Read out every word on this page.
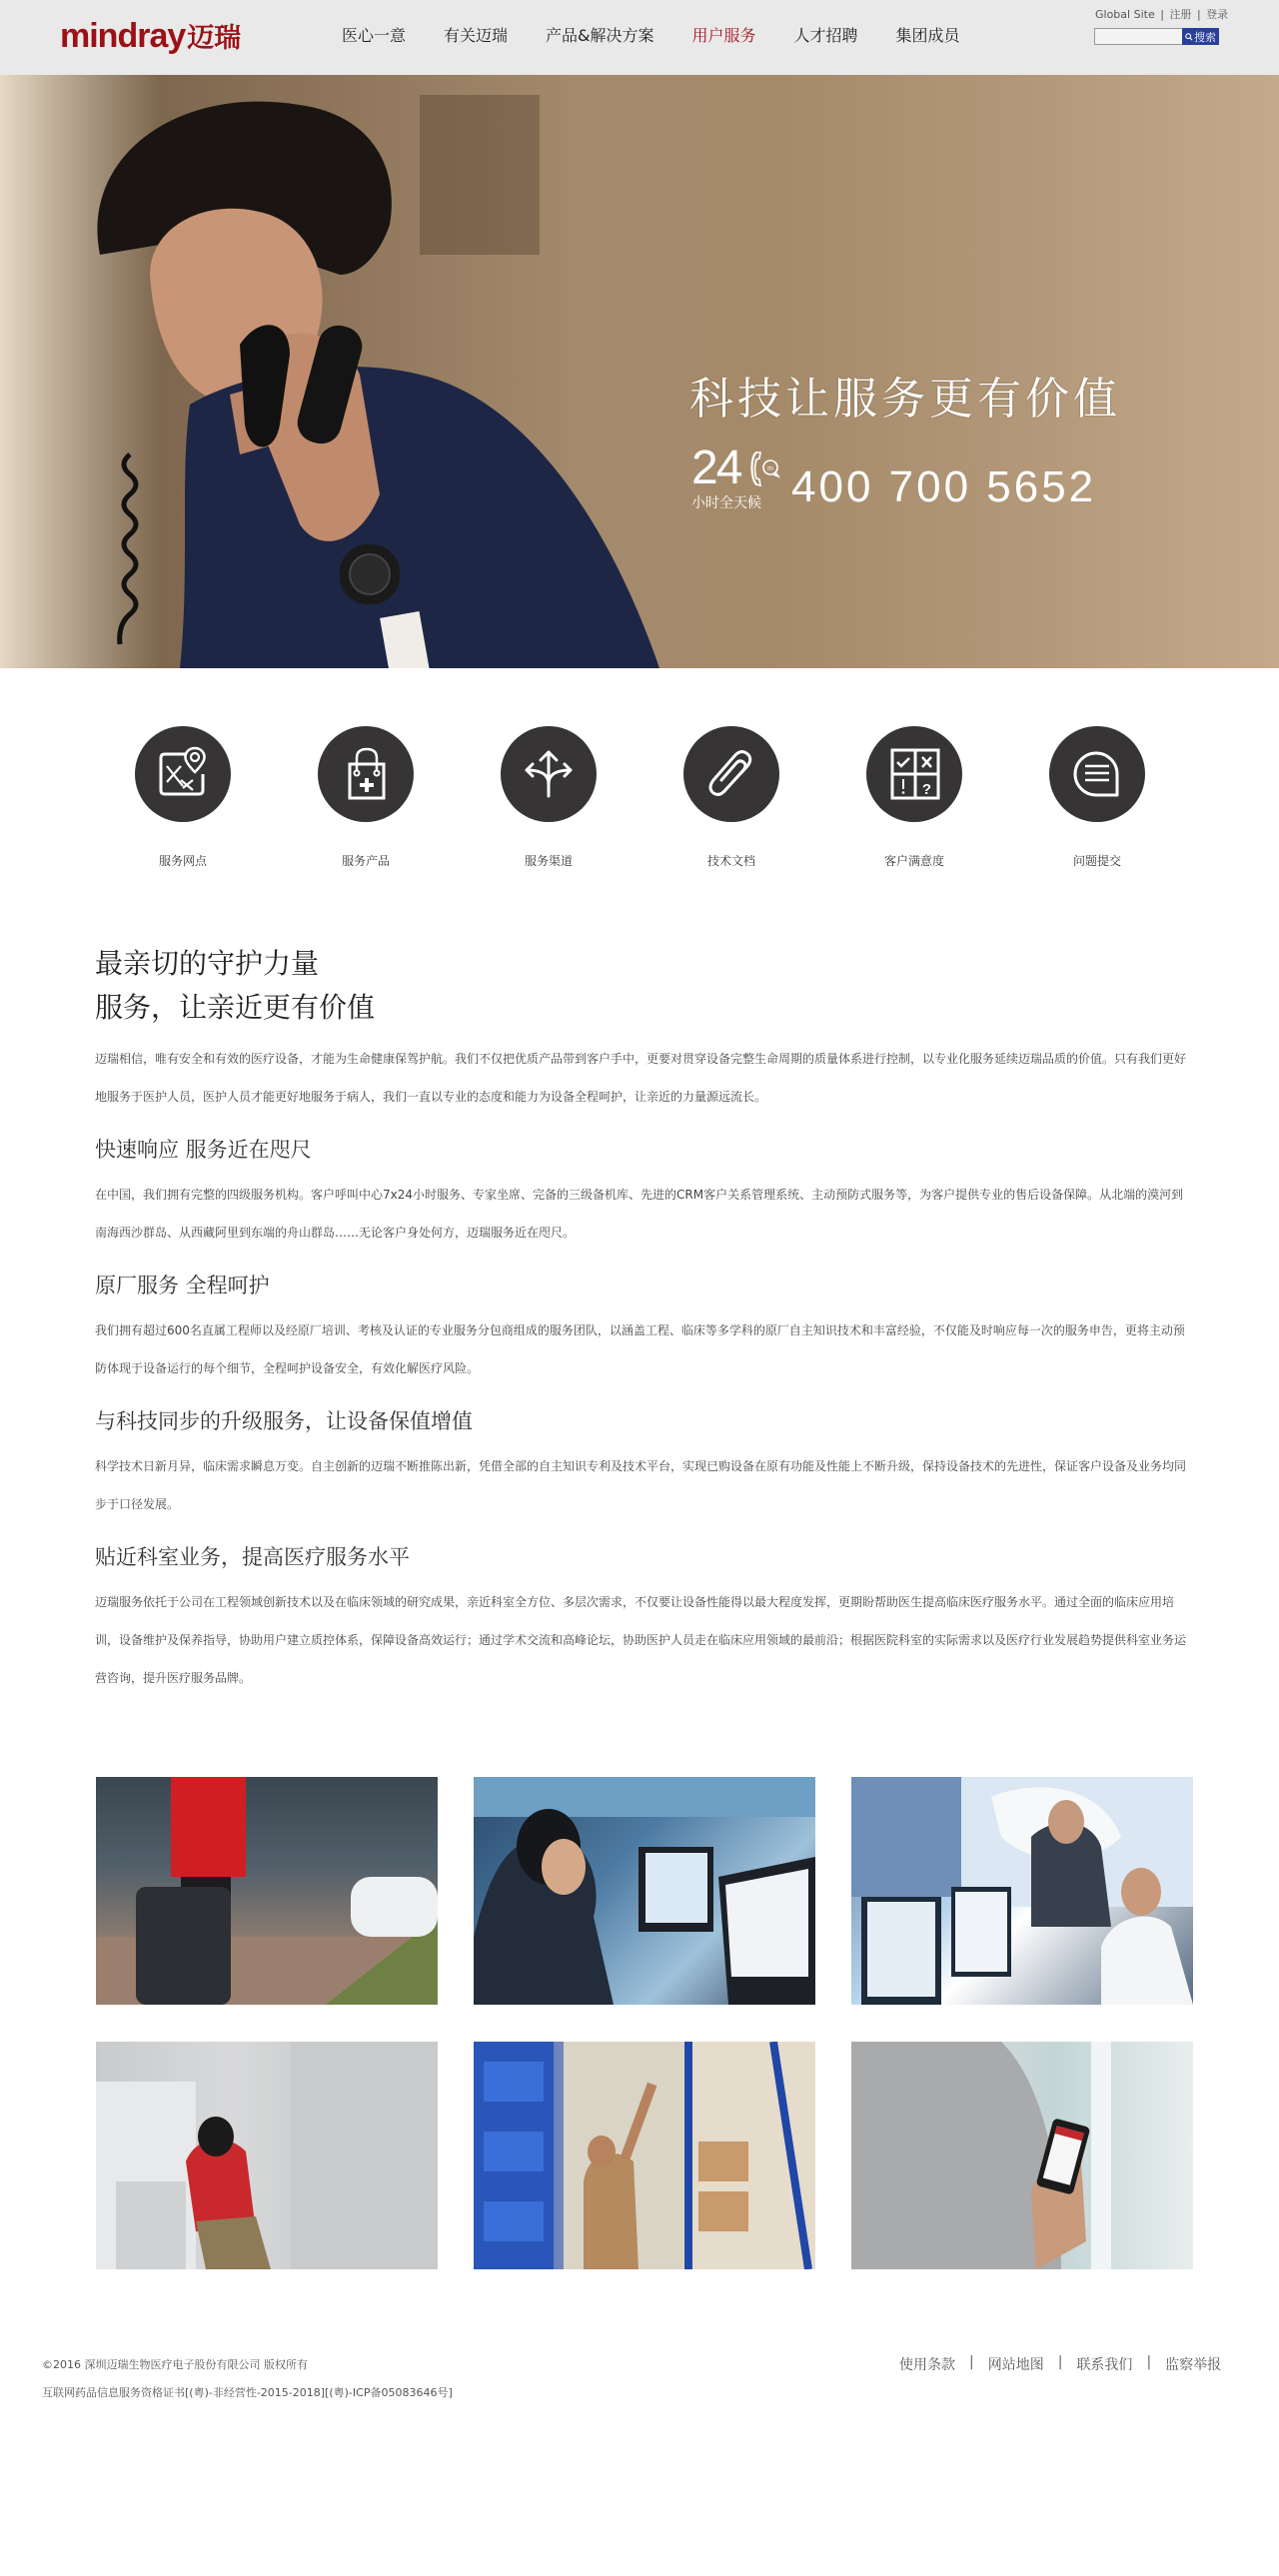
mindray 迈瑞	医心一意 有关迈瑞 产品&解决方案 用户服务 人才招聘 集团成员
Global Site | 注册 | 登录
搜索
科技让服务更有价值
24	m
小时全天候 400 700 5652
服务网点	服务产品	服务渠道	技术文档
?
客户满意度	问题提交
最亲切的守护力量
服务，让亲近更有价值

迈瑞相信，唯有安全和有效的医疗设备，才能为生命健康保驾护航。我们不仅把优质产品带到客户手中，更要对贯穿设备完整生命周期的质量体系进行控制，以专业化服务延续迈瑞品质的价值。只有我们更好地服务于医护人员，医护人员才能更好地服务于病人，我们一直以专业的态度和能力为设备全程呵护，让亲近的力量源远流长。

快速响应 服务近在咫尺

在中国，我们拥有完整的四级服务机构。客户呼叫中心7x24小时服务、专家坐席、完备的三级备机库、先进的CRM客户关系管理系统、主动预防式服务等，为客户提供专业的售后设备保障。从北端的漠河到南海西沙群岛、从西藏阿里到东端的舟山群岛……无论客户身处何方，迈瑞服务近在咫尺。

原厂服务 全程呵护

我们拥有超过600名直属工程师以及经原厂培训、考核及认证的专业服务分包商组成的服务团队，以涵盖工程、临床等多学科的原厂自主知识技术和丰富经验，不仅能及时响应每一次的服务申告，更将主动预防体现于设备运行的每个细节，全程呵护设备安全，有效化解医疗风险。

与科技同步的升级服务，让设备保值增值

科学技术日新月异，临床需求瞬息万变。自主创新的迈瑞不断推陈出新，凭借全部的自主知识专利及技术平台，实现已购设备在原有功能及性能上不断升级，保持设备技术的先进性，保证客户设备及业务均同步于口径发展。

贴近科室业务，提高医疗服务水平

迈瑞服务依托于公司在工程领域创新技术以及在临床领域的研究成果，亲近科室全方位、多层次需求，不仅要让设备性能得以最大程度发挥，更期盼帮助医生提高临床医疗服务水平。通过全面的临床应用培训，设备维护及保养指导，协助用户建立质控体系，保障设备高效运行；通过学术交流和高峰论坛，协助医护人员走在临床应用领域的最前沿；根据医院科室的实际需求以及医疗行业发展趋势提供科室业务运营咨询，提升医疗服务品牌。

©2016 深圳迈瑞生物医疗电子股份有限公司 版权所有
互联网药品信息服务资格证书[(粤)-非经营性-2015-2018][(粤)-ICP备05083646号]
使用条款 | 网站地图 | 联系我们 | 监察举报
